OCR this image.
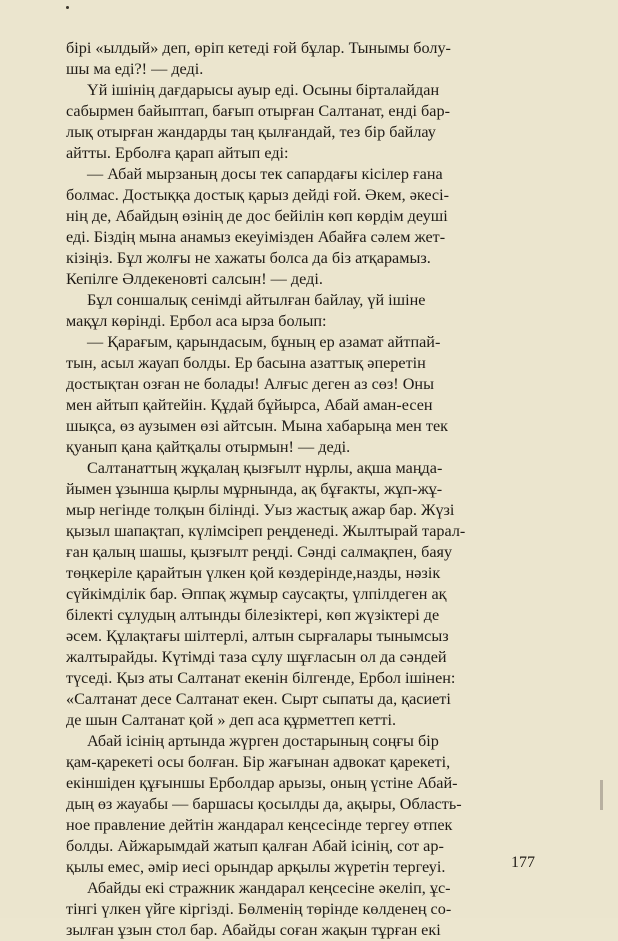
бірі «ылдый» деп, өріп кетеді ғой бұлар. Тынымы болу-
шы ма еді?! — деді.
Үй ішінің дағдарысы ауыр еді. Осыны бірталайдан
сабырмен байыптап, бағып отырған Салтанат, енді бар-
лық отырған жандарды таң қылғандай, тез бір байлау
айтты. Ерболға қарап айтып еді:
— Абай мырзаның досы тек сапардағы кісілер ғана
болмас. Достыққа достық қарыз дейді ғой. Әкем, әкесі-
нің де, Абайдың өзінің де дос бейілін көп көрдім деуші
еді. Біздің мына анамыз екеуімізден Абайға сәлем жет-
кізіңіз. Бұл жолғы не хажаты болса да біз атқарамыз.
Кепілге Әлдекеновті салсын! — деді.
Бұл соншалық сенімді айтылған байлау, үй ішіне
мақұл көрінді. Ербол аса ырза болып:
— Қарағым, қарындасым, бұның ер азамат айтпай-
тын, асыл жауап болды. Ер басына азаттық әперетін
достықтан озған не болады! Алғыс деген аз сөз! Оны
мен айтып қайтейін. Құдай бұйырса, Абай аман-есен
шықса, өз аузымен өзі айтсын. Мына хабарыңа мен тек
қуанып қана қайтқалы отырмын! — деді.
Салтанаттың жұқалаң қызғылт нұрлы, ақша маңда-
йымен ұзынша қырлы мұрнында, ақ бұғакты, жұп-жұ-
мыр негінде толқын білінді. Уыз жастық ажар бар. Жүзі
қызыл шапақтап, күлімсіреп реңденеді. Жылтырай тарал-
ған қалың шашы, қызғылт реңді. Сәнді салмақпен, баяу
төңкеріле қарайтын үлкен қой көздерінде,назды, нәзік
сүйкімділік бар. Әппақ жұмыр саусақты, үлпілдеген ақ
білекті сұлудың алтынды білезіктері, көп жүзіктері де
әсем. Құлақтағы шілтерлі, алтын сырғалары тынымсыз
жалтырайды. Күтімді таза сұлу шұғласын ол да сәндей
түседі. Қыз аты Салтанат екенін білгенде, Ербол ішінен:
«Салтанат десе Салтанат екен. Сырт сыпаты да, қасиеті
де шын Салтанат қой » деп аса құрметтеп кетті.
Абай ісінің артында жүрген достарының соңғы бір
қам-қарекеті осы болған. Бір жағынан адвокат қарекеті,
екіншіден құғыншы Ерболдар арызы, оның үстіне Абай-
дың өз жауабы — баршасы қосылды да, ақыры, Область-
ное правление дейтін жандарал кеңсесінде тергеу өтпек
болды. Айжарымдай жатып қалған Абай ісінің, сот ар-
қылы емес, әмір иесі орындар арқылы жүретін тергеуі.
Абайды екі стражник жандарал кеңсесіне әкеліп, ұс-
тінгі үлкен үйге кіргізді. Бөлменің төрінде көлденең со-
зылған ұзын стол бар. Абайды соған жақын тұрған екі
177
